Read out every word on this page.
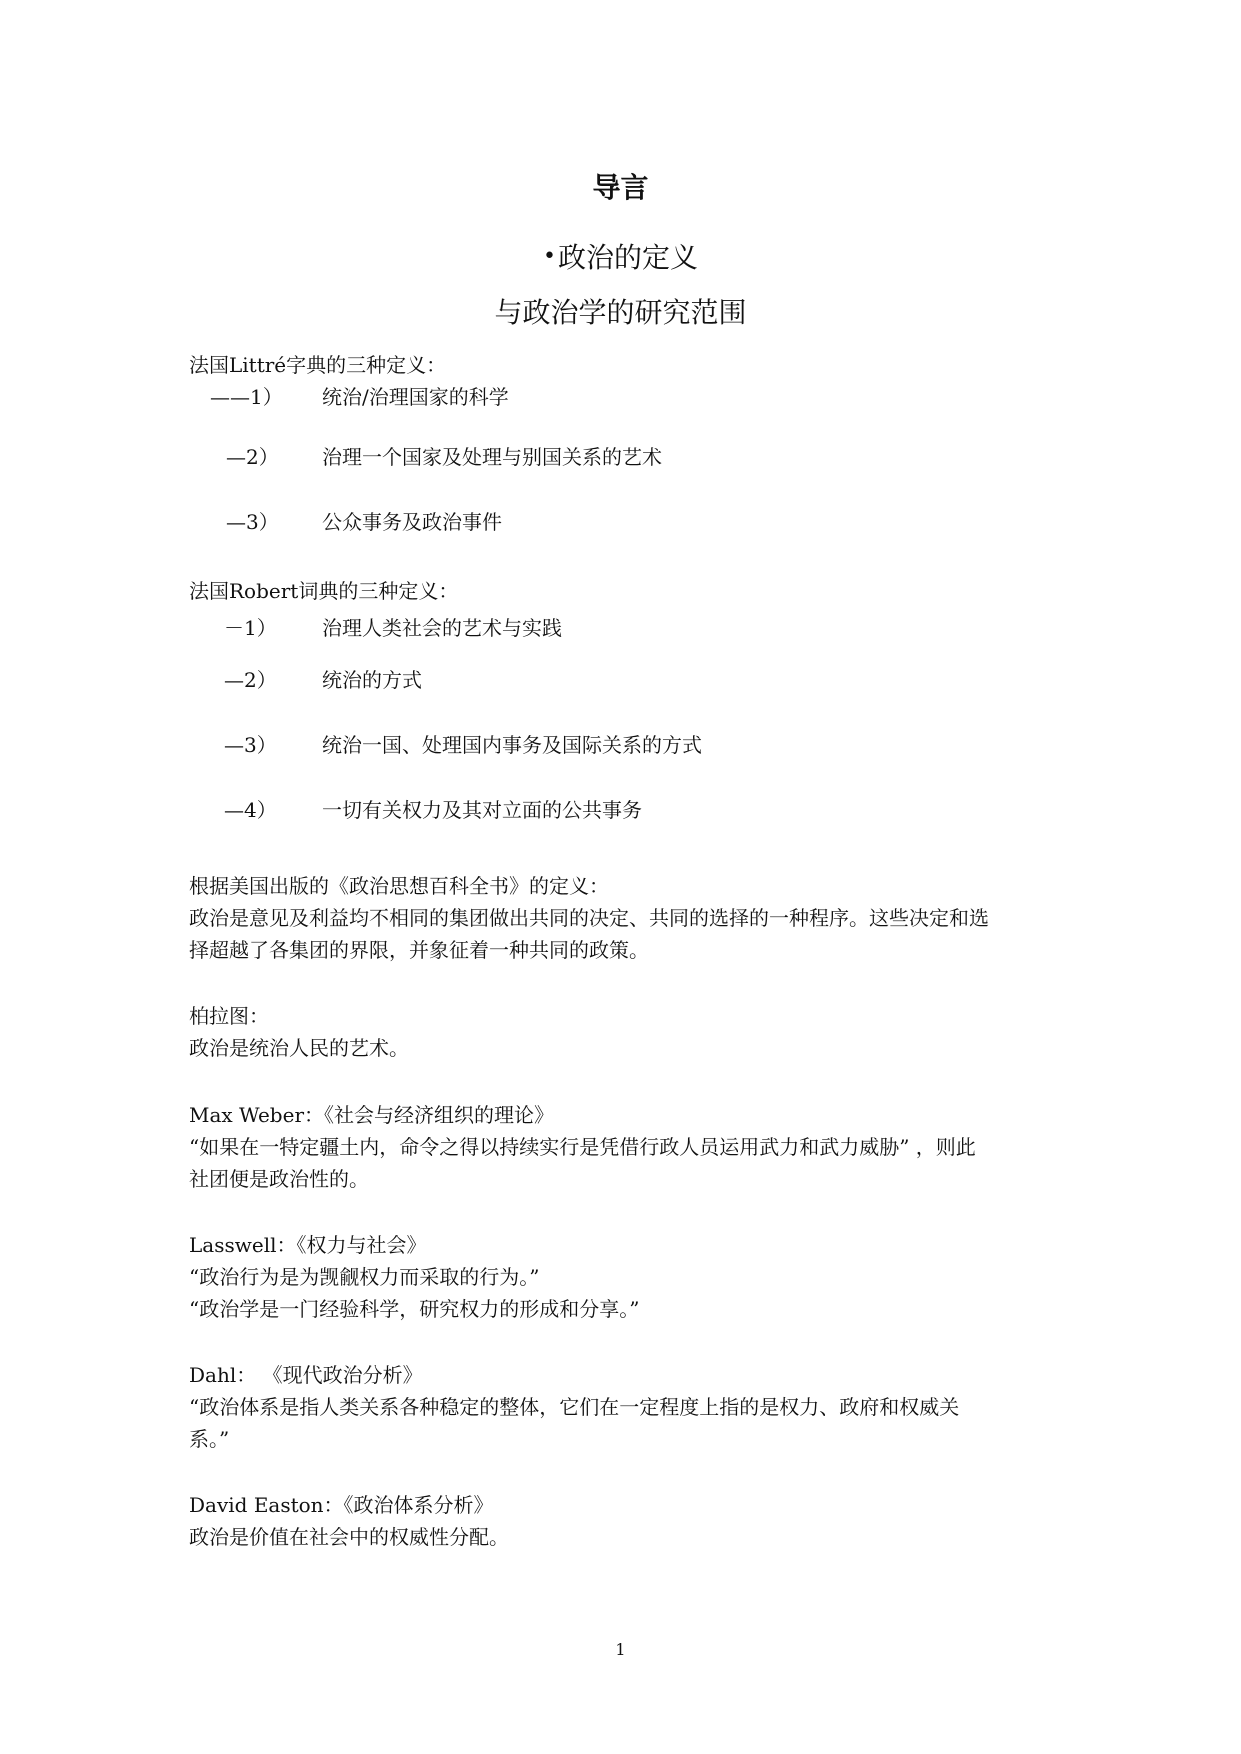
导言
•政治的定义
与政治学的研究范围
法国Littré字典的三种定义：
——1） 统治/治理国家的科学
—2） 治理一个国家及处理与别国关系的艺术
—3） 公众事务及政治事件
法国Robert词典的三种定义：
－1） 治理人类社会的艺术与实践
—2） 统治的方式
—3） 统治一国、处理国内事务及国际关系的方式
—4） 一切有关权力及其对立面的公共事务
根据美国出版的《政治思想百科全书》的定义：
政治是意见及利益均不相同的集团做出共同的决定、共同的选择的一种程序。这些决定和选
择超越了各集团的界限，并象征着一种共同的政策。
柏拉图：
政治是统治人民的艺术。
Max Weber：《社会与经济组织的理论》
“如果在一特定疆土内，命令之得以持续实行是凭借行政人员运用武力和武力威胁” ，则此
社团便是政治性的。
Lasswell：《权力与社会》
“政治行为是为觊觎权力而采取的行为。”
“政治学是一门经验科学，研究权力的形成和分享。”
Dahl： 《现代政治分析》
“政治体系是指人类关系各种稳定的整体，它们在一定程度上指的是权力、政府和权威关
系。”
David Easton：《政治体系分析》
政治是价值在社会中的权威性分配。
1
